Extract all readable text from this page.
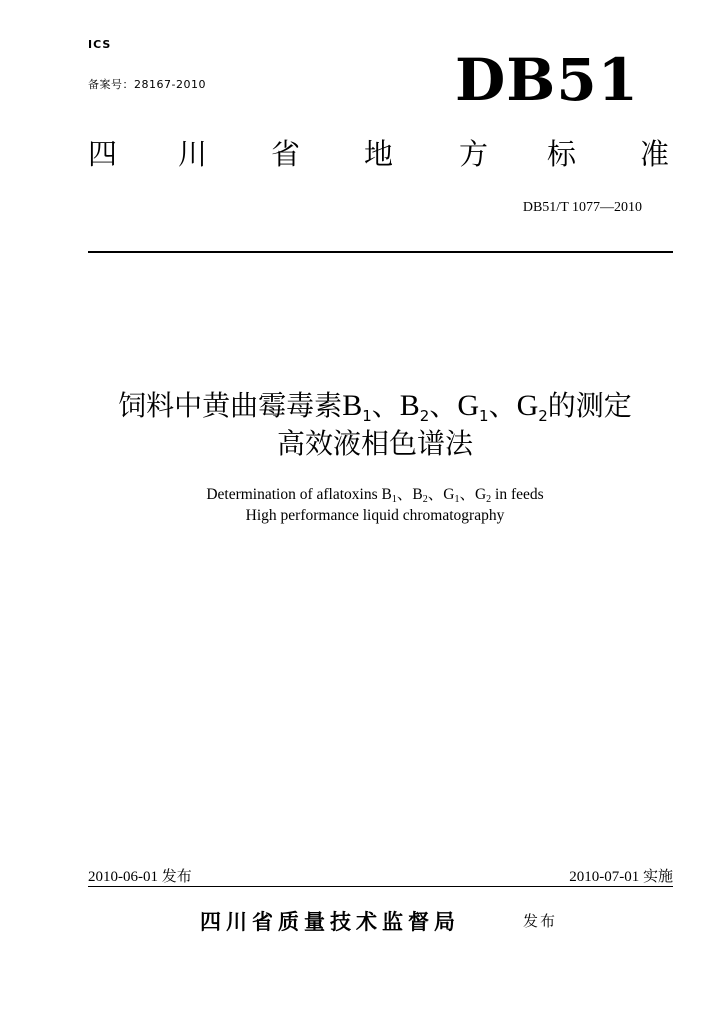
ICS
备案号：28167-2010	DB51
四 川 省 地 方 标 准
DB51/T 1077—2010
饲料中黄曲霉毒素$B_1$、$B_2$、$G_1$、$G_2$的测定
高效液相色谱法
Determination of aflatoxins $B_1$、$B_2$、$G_1$、$G_2$ in feeds
High performance liquid chromatography
2010-06-01 发布	2010-07-01 实施
四川省质量技术监督局	发布
